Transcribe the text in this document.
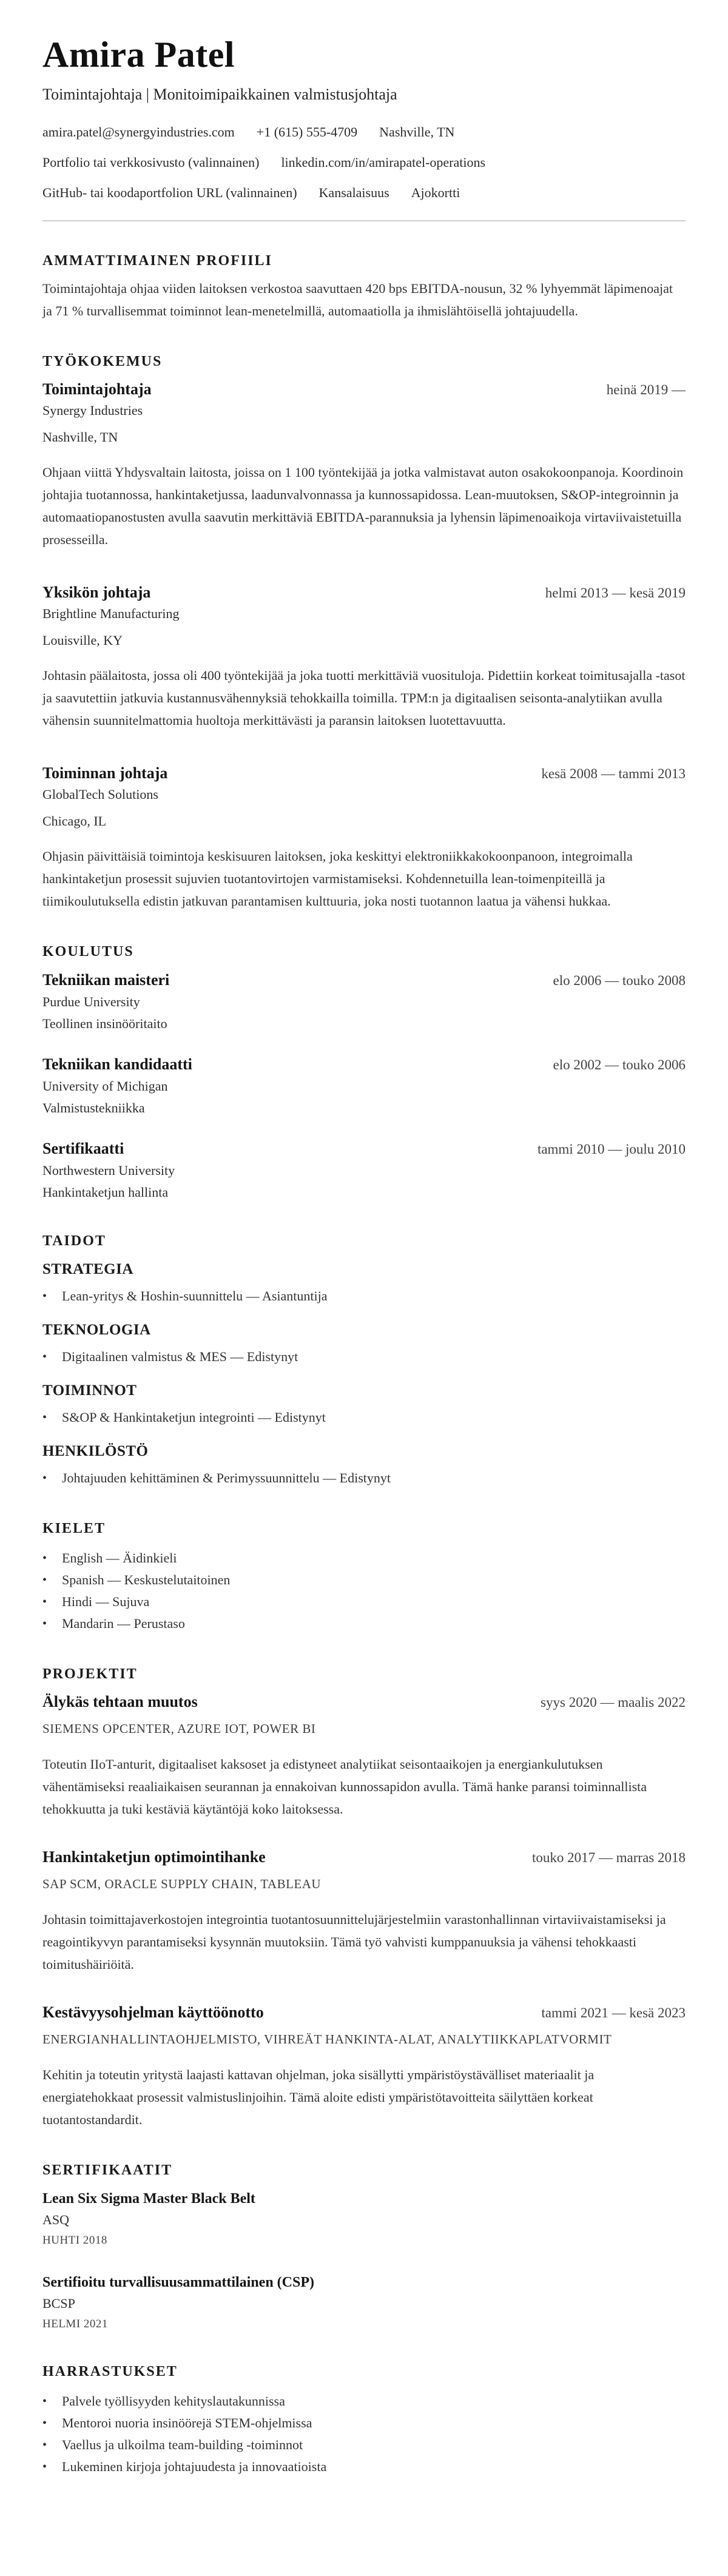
Amira Patel
Toimintajohtaja | Monitoimipaikkainen valmistusjohtaja
amira.patel@synergyindustries.com +1 (615) 555-4709 Nashville, TN
Portfolio tai verkkosivusto (valinnainen) linkedin.com/in/amirapatel-operations
GitHub- tai koodaportfolion URL (valinnainen) Kansalaisuus Ajokortti
AMMATTIMAINEN PROFIILI

Toimintajohtaja ohjaa viiden laitoksen verkostoa saavuttaen 420 bps EBITDA-nousun, 32 % lyhyemmät läpimenoajat ja 71 % turvallisemmat toiminnot lean-menetelmillä, automaatiolla ja ihmislähtöisellä johtajuudella.

TYÖKOKEMUS
Toimintajohtaja	heinä 2019 —
Synergy Industries
Nashville, TN

Ohjaan viittä Yhdysvaltain laitosta, joissa on 1 100 työntekijää ja jotka valmistavat auton osakokoonpanoja. Koordinoin johtajia tuotannossa, hankintaketjussa, laadunvalvonnassa ja kunnossapidossa. Lean-muutoksen, S&OP-integroinnin ja automaatiopanostusten avulla saavutin merkittäviä EBITDA-parannuksia ja lyhensin läpimenoaikoja virtaviivaistetuilla prosesseilla.

Yksikön johtaja	helmi 2013 — kesä 2019
Brightline Manufacturing
Louisville, KY

Johtasin päälaitosta, jossa oli 400 työntekijää ja joka tuotti merkittäviä vuosituloja. Pidettiin korkeat toimitusajalla -tasot ja saavutettiin jatkuvia kustannusvähennyksiä tehokkailla toimilla. TPM:n ja digitaalisen seisonta-analytiikan avulla vähensin suunnitelmattomia huoltoja merkittävästi ja paransin laitoksen luotettavuutta.

Toiminnan johtaja	kesä 2008 — tammi 2013
GlobalTech Solutions
Chicago, IL

Ohjasin päivittäisiä toimintoja keskisuuren laitoksen, joka keskittyi elektroniikkakokoonpanoon, integroimalla hankintaketjun prosessit sujuvien tuotantovirtojen varmistamiseksi. Kohdennetuilla lean-toimenpiteillä ja tiimikoulutuksella edistin jatkuvan parantamisen kulttuuria, joka nosti tuotannon laatua ja vähensi hukkaa.

KOULUTUS
Tekniikan maisteri	elo 2006 — touko 2008
Purdue University
Teollinen insinööritaito
Tekniikan kandidaatti	elo 2002 — touko 2006
University of Michigan
Valmistustekniikka
Sertifikaatti	tammi 2010 — joulu 2010
Northwestern University
Hankintaketjun hallinta
TAIDOT
STRATEGIA
•	Lean-yritys & Hoshin-suunnittelu — Asiantuntija
TEKNOLOGIA
•	Digitaalinen valmistus & MES — Edistynyt
TOIMINNOT
•	S&OP & Hankintaketjun integrointi — Edistynyt
HENKILÖSTÖ
•	Johtajuuden kehittäminen & Perimyssuunnittelu — Edistynyt
KIELET
•	English — Äidinkieli
•	Spanish — Keskustelutaitoinen
•	Hindi — Sujuva
•	Mandarin — Perustaso
PROJEKTIT
Älykäs tehtaan muutos	syys 2020 — maalis 2022
SIEMENS OPCENTER, AZURE IOT, POWER BI

Toteutin IIoT-anturit, digitaaliset kaksoset ja edistyneet analytiikat seisontaaikojen ja energiankulutuksen vähentämiseksi reaaliaikaisen seurannan ja ennakoivan kunnossapidon avulla. Tämä hanke paransi toiminnallista tehokkuutta ja tuki kestäviä käytäntöjä koko laitoksessa.

Hankintaketjun optimointihanke	touko 2017 — marras 2018
SAP SCM, ORACLE SUPPLY CHAIN, TABLEAU

Johtasin toimittajaverkostojen integrointia tuotantosuunnittelujärjestelmiin varastonhallinnan virtaviivaistamiseksi ja reagointikyvyn parantamiseksi kysynnän muutoksiin. Tämä työ vahvisti kumppanuuksia ja vähensi tehokkaasti toimitushäiriöitä.

Kestävyysohjelman käyttöönotto	tammi 2021 — kesä 2023
ENERGIANHALLINTAOHJELMISTO, VIHREÄT HANKINTA-ALAT, ANALYTIIKKAPLATVORMIT

Kehitin ja toteutin yritystä laajasti kattavan ohjelman, joka sisällytti ympäristöystävälliset materiaalit ja energiatehokkaat prosessit valmistuslinjoihin. Tämä aloite edisti ympäristötavoitteita säilyttäen korkeat tuotantostandardit.

SERTIFIKAATIT
Lean Six Sigma Master Black Belt
ASQ
HUHTI 2018
Sertifioitu turvallisuusammattilainen (CSP)
BCSP
HELMI 2021
HARRASTUKSET
•	Palvele työllisyyden kehityslautakunnissa
•	Mentoroi nuoria insinöörejä STEM-ohjelmissa
•	Vaellus ja ulkoilma team-building -toiminnot
•	Lukeminen kirjoja johtajuudesta ja innovaatioista
